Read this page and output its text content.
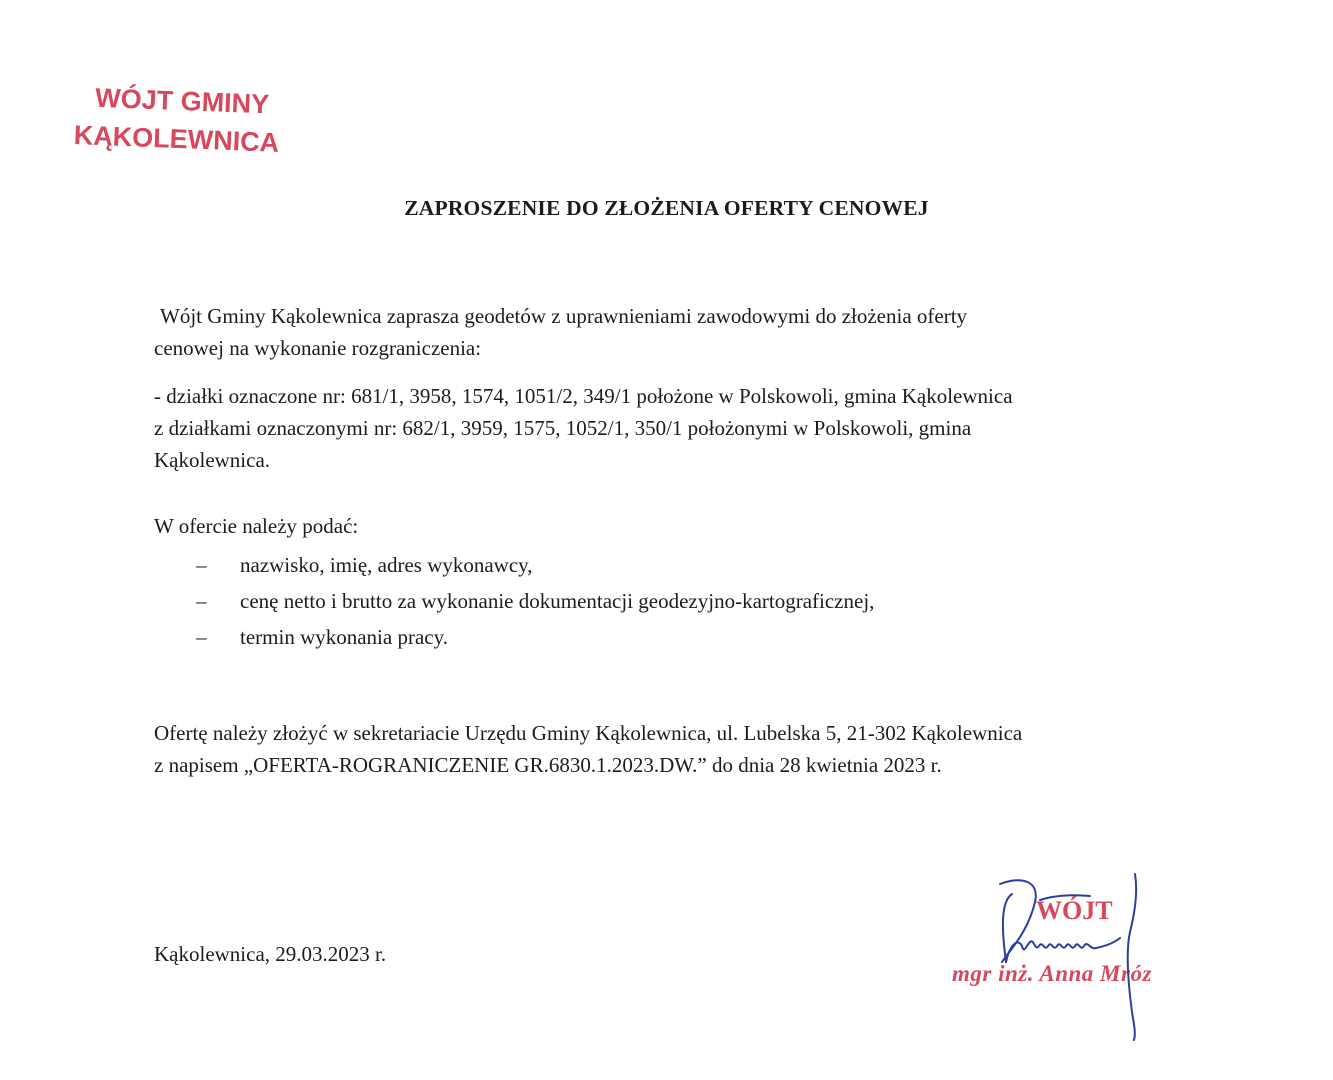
WÓJT GMINY
KĄKOLEWNICA
ZAPROSZENIE DO ZŁOŻENIA OFERTY CENOWEJ
Wójt Gminy Kąkolewnica zaprasza geodetów z uprawnieniami zawodowymi do złożenia oferty
cenowej na wykonanie rozgraniczenia:
- działki oznaczone nr: 681/1, 3958, 1574, 1051/2, 349/1 położone w Polskowoli, gmina Kąkolewnica
z działkami oznaczonymi nr: 682/1, 3959, 1575, 1052/1, 350/1 położonymi w Polskowoli, gmina
Kąkolewnica.
W ofercie należy podać:
–	nazwisko, imię, adres wykonawcy,
–	cenę netto i brutto za wykonanie dokumentacji geodezyjno-kartograficznej,
–	termin wykonania pracy.
Ofertę należy złożyć w sekretariacie Urzędu Gminy Kąkolewnica, ul. Lubelska 5, 21-302 Kąkolewnica
z napisem „OFERTA-ROGRANICZENIE GR.6830.1.2023.DW.” do dnia 28 kwietnia 2023 r.
Kąkolewnica, 29.03.2023 r.
WÓJT
mgr inż. Anna Mróz
